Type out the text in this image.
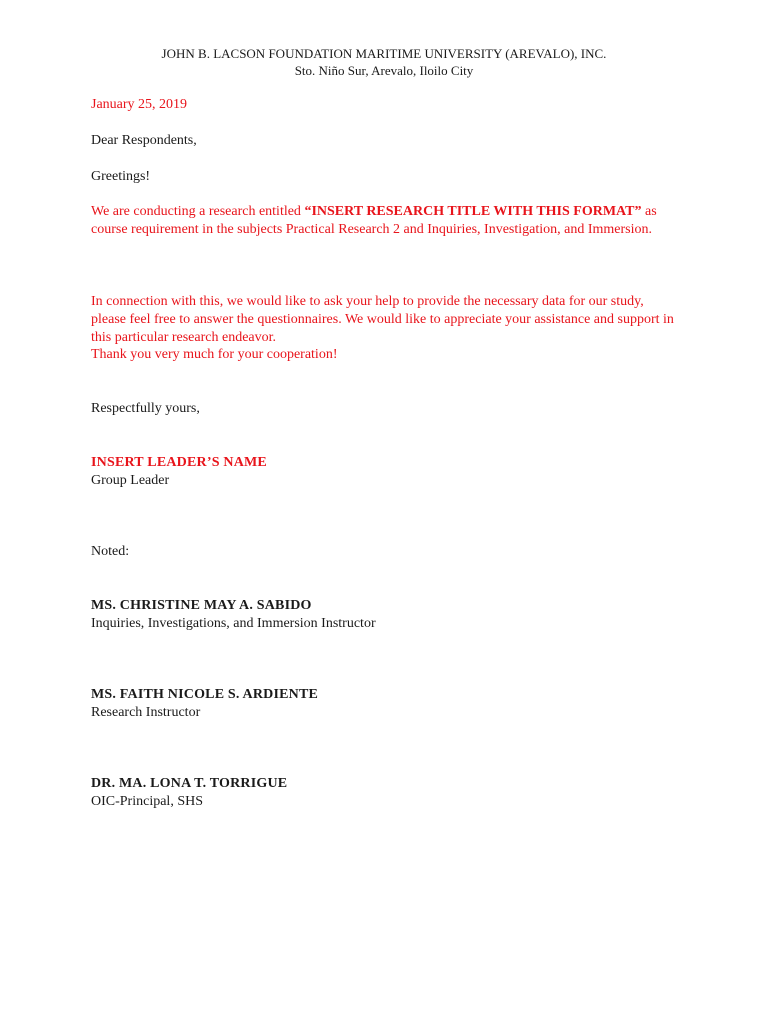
JOHN B. LACSON FOUNDATION MARITIME UNIVERSITY (AREVALO), INC.
Sto. Niño Sur, Arevalo, Iloilo City
January 25, 2019
Dear Respondents,
Greetings!
We are conducting a research entitled “INSERT RESEARCH TITLE WITH THIS FORMAT” as course requirement in the subjects Practical Research 2 and Inquiries, Investigation, and Immersion.
In connection with this, we would like to ask your help to provide the necessary data for our study, please feel free to answer the questionnaires. We would like to appreciate your assistance and support in this particular research endeavor.
Thank you very much for your cooperation!
Respectfully yours,
INSERT LEADER’S NAME
Group Leader
Noted:
MS. CHRISTINE MAY A. SABIDO
Inquiries, Investigations, and Immersion Instructor
MS. FAITH NICOLE S. ARDIENTE
Research Instructor
DR. MA. LONA T. TORRIGUE
OIC-Principal, SHS
